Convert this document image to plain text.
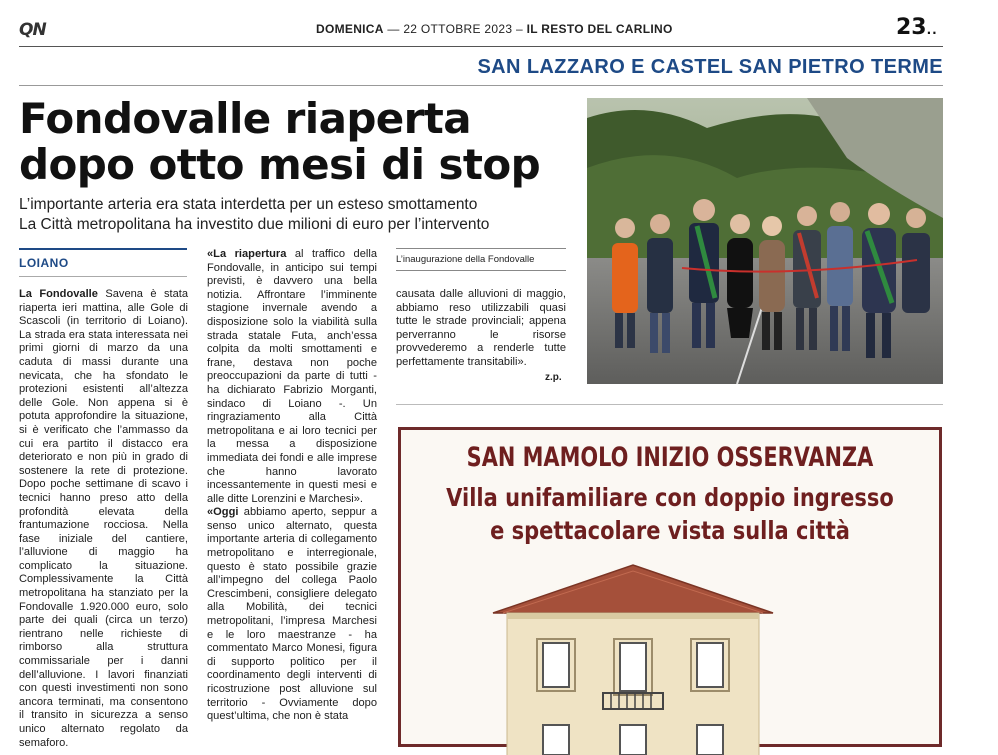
QN	DOMENICA — 22 OTTOBRE 2023 – IL RESTO DEL CARLINO	23..
SAN LAZZARO E CASTEL SAN PIETRO TERME
Fondovalle riaperta
dopo otto mesi di stop
L’importante arteria era stata interdetta per un esteso smottamento
La Città metropolitana ha investito due milioni di euro per l’intervento
LOIANO
La Fondovalle Savena è stata riaperta ieri mattina, alle Gole di Scascoli (in territorio di Loiano). La strada era stata interessata nei primi giorni di marzo da una caduta di massi durante una nevicata, che ha sfondato le protezioni esistenti all’altezza delle Gole. Non appena si è potuta approfondire la situazione, si è verificato che l’ammasso da cui era partito il distacco era deteriorato e non più in grado di sostenere la rete di protezione. Dopo poche settimane di scavo i tecnici hanno preso atto della profondità elevata della frantumazione rocciosa. Nella fase iniziale del cantiere, l’alluvione di maggio ha complicato la situazione. Complessivamente la Città metropolitana ha stanziato per la Fondovalle 1.920.000 euro, solo parte dei quali (circa un terzo) rientrano nelle richieste di rimborso alla struttura commissariale per i danni dell’alluvione. I lavori finanziati con questi investimenti non sono ancora terminati, ma consentono il transito in sicurezza a senso unico alternato regolato da semaforo.

«La riapertura al traffico della Fondovalle, in anticipo sui tempi previsti, è davvero una bella notizia. Affrontare l’imminente stagione invernale avendo a disposizione solo la viabilità sulla strada statale Futa, anch’essa colpita da molti smottamenti e frane, destava non poche preoccupazioni da parte di tutti - ha dichiarato Fabrizio Morganti, sindaco di Loiano -. Un ringraziamento alla Città metropolitana e ai loro tecnici per la messa a disposizione immediata dei fondi e alle imprese che hanno lavorato incessantemente in questi mesi e alle ditte Lorenzini e Marchesi».

«Oggi abbiamo aperto, seppur a senso unico alternato, questa importante arteria di collegamento metropolitano e interregionale, questo è stato possibile grazie all’impegno del collega Paolo Crescimbeni, consigliere delegato alla Mobilità, dei tecnici metropolitani, l’impresa Marchesi e le loro maestranze - ha commentato Marco Monesi, figura di supporto politico per il coordinamento degli interventi di ricostruzione post alluvione sul territorio - Ovviamente dopo quest’ultima, che non è stata

L’inaugurazione della Fondovalle
causata dalle alluvioni di maggio, abbiamo reso utilizzabili quasi tutte le strade provinciali; appena perverranno le risorse provvederemo a renderle tutte perfettamente transitabili».
z.p.
SAN MAMOLO INIZIO OSSERVANZA
Villa unifamiliare con doppio ingresso
e spettacolare vista sulla città
